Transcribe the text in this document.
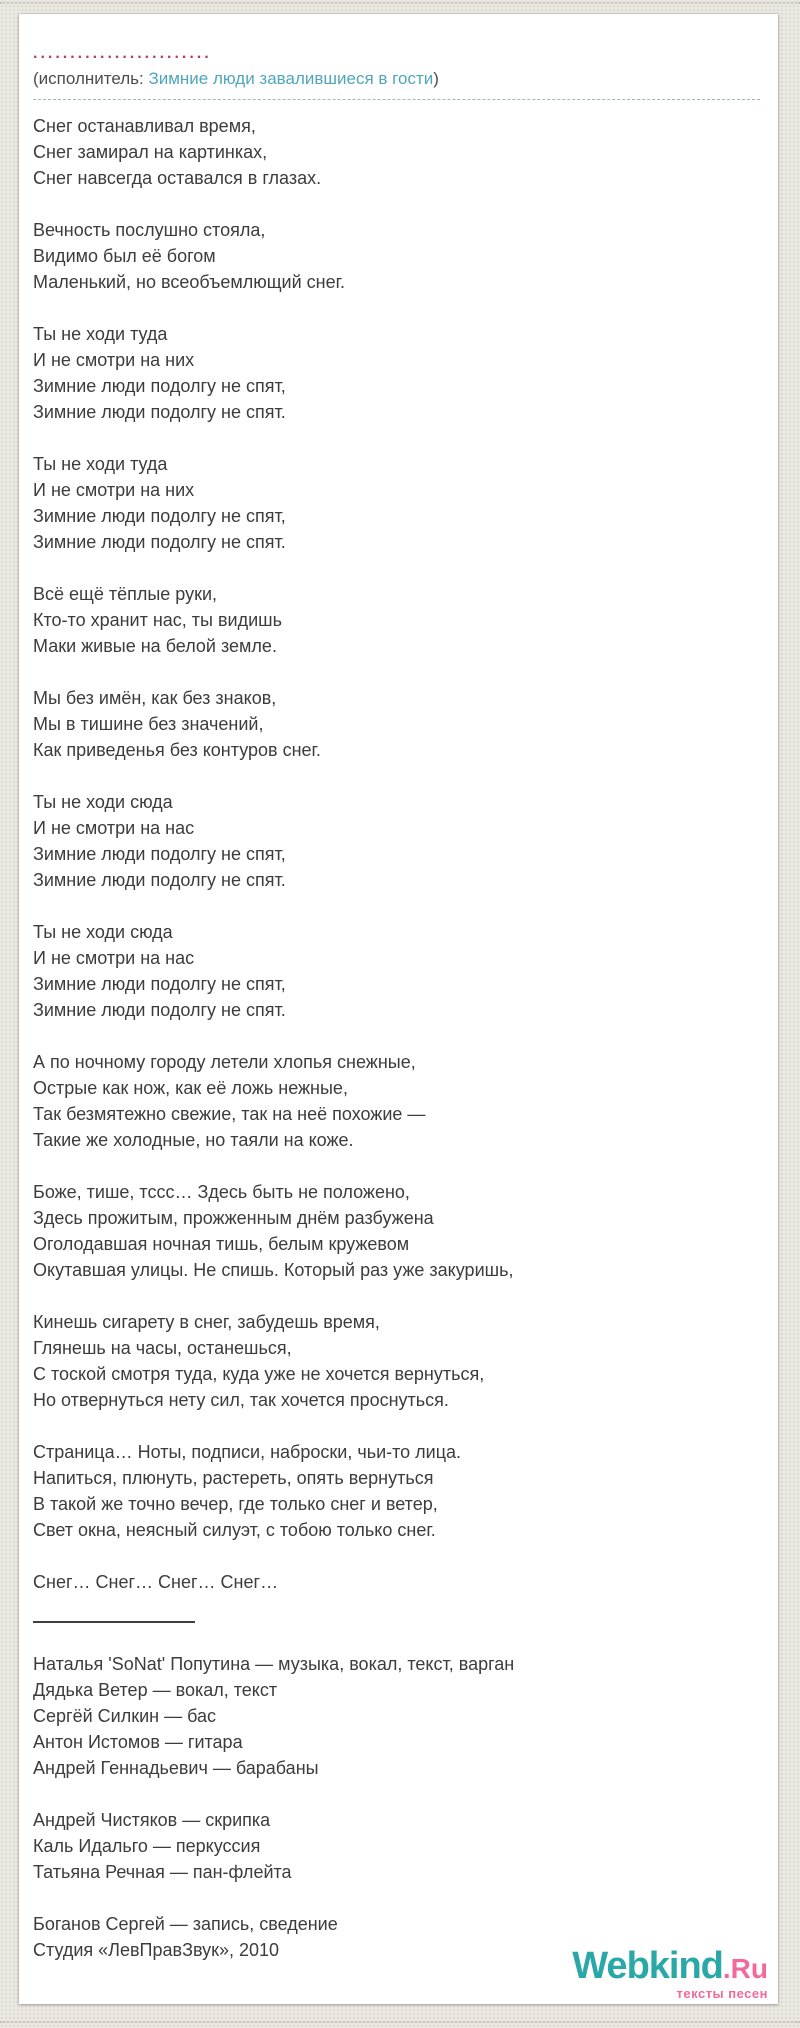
........................
(исполнитель: Зимние люди завалившиеся в гости)
Снег останавливал время,
Снег замирал на картинках,
Снег навсегда оставался в глазах.
Вечность послушно стояла,
Видимо был её богом
Маленький, но всеобъемлющий снег.
Ты не ходи туда
И не смотри на них
Зимние люди подолгу не спят,
Зимние люди подолгу не спят.
Ты не ходи туда
И не смотри на них
Зимние люди подолгу не спят,
Зимние люди подолгу не спят.
Всё ещё тёплые руки,
Кто-то хранит нас, ты видишь
Маки живые на белой земле.
Мы без имён, как без знаков,
Мы в тишине без значений,
Как приведенья без контуров снег.
Ты не ходи сюда
И не смотри на нас
Зимние люди подолгу не спят,
Зимние люди подолгу не спят.
Ты не ходи сюда
И не смотри на нас
Зимние люди подолгу не спят,
Зимние люди подолгу не спят.
А по ночному городу летели хлопья снежные,
Острые как нож, как её ложь нежные,
Так безмятежно свежие, так на неё похожие —
Такие же холодные, но таяли на коже.
Боже, тише, тссс… Здесь быть не положено,
Здесь прожитым, прожженным днём разбужена
Оголодавшая ночная тишь, белым кружевом
Окутавшая улицы. Не спишь. Который раз уже закуришь,
Кинешь сигарету в снег, забудешь время,
Глянешь на часы, останешься,
С тоской смотря туда, куда уже не хочется вернуться,
Но отвернуться нету сил, так хочется проснуться.
Страница… Ноты, подписи, наброски, чьи-то лица.
Напиться, плюнуть, растереть, опять вернуться
В такой же точно вечер, где только снег и ветер,
Свет окна, неясный силуэт, с тобою только снег.
Снег… Снег… Снег… Снег…
Наталья 'SoNat' Попутина — музыка, вокал, текст, варган
Дядька Ветер — вокал, текст
Сергёй Силкин — бас
Антон Истомов — гитара
Андрей Геннадьевич — барабаны
Андрей Чистяков — скрипка
Каль Идальго — перкуссия
Татьяна Речная — пан-флейта
Боганов Сергей — запись, сведение
Студия «ЛевПравЗвук», 2010	Webkind.Ru
тексты песен
